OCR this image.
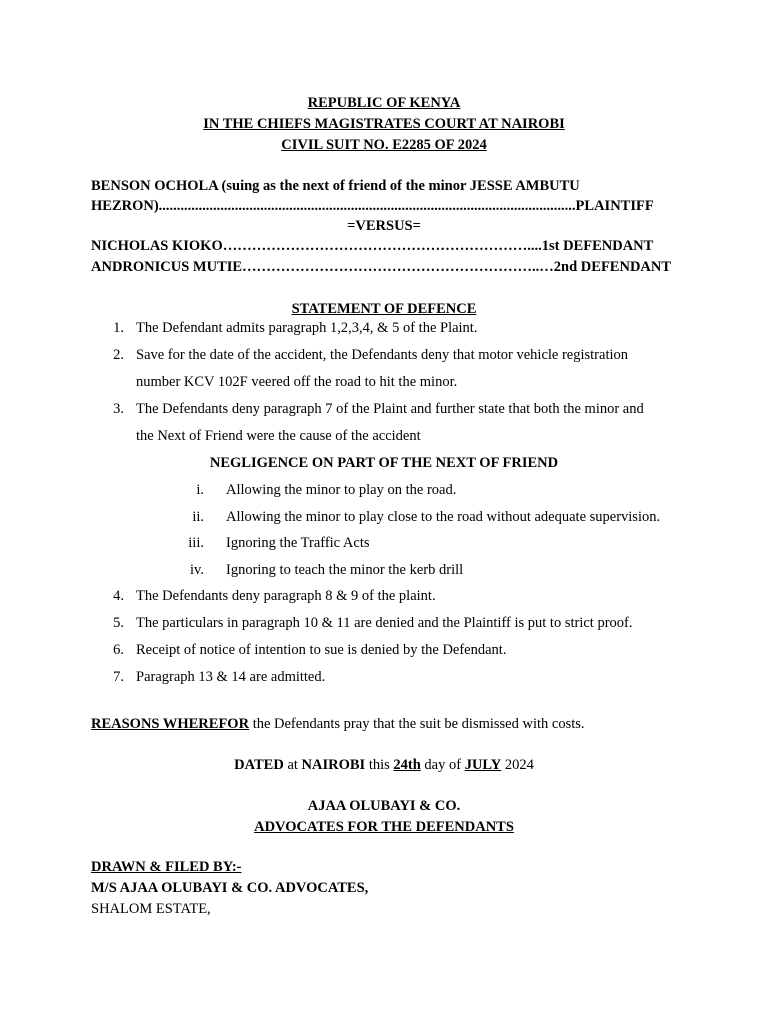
REPUBLIC OF KENYA
IN THE CHIEFS MAGISTRATES COURT AT NAIROBI
CIVIL SUIT NO. E2285 OF 2024
BENSON OCHOLA (suing as the next of friend of the minor JESSE AMBUTU
HEZRON)...................................................................................................................PLAINTIFF
=VERSUS=
NICHOLAS KIOKO………………………………………………………....1st DEFENDANT
ANDRONICUS MUTIE……………………………………………………..…2nd DEFENDANT
STATEMENT OF DEFENCE
1. The Defendant admits paragraph 1,2,3,4, & 5 of the Plaint.
2. Save for the date of the accident, the Defendants deny that motor vehicle registration
number KCV 102F veered off the road to hit the minor.
3. The Defendants deny paragraph 7 of the Plaint and further state that both the minor and
the Next of Friend were the cause of the accident
NEGLIGENCE ON PART OF THE NEXT OF FRIEND
i. Allowing the minor to play on the road.
ii. Allowing the minor to play close to the road without adequate supervision.
iii. Ignoring the Traffic Acts
iv. Ignoring to teach the minor the kerb drill
4. The Defendants deny paragraph 8 & 9 of the plaint.
5. The particulars in paragraph 10 & 11 are denied and the Plaintiff is put to strict proof.
6. Receipt of notice of intention to sue is denied by the Defendant.
7. Paragraph 13 & 14 are admitted.
REASONS WHEREFOR the Defendants pray that the suit be dismissed with costs.
DATED at NAIROBI this 24th day of JULY 2024
AJAA OLUBAYI & CO.
ADVOCATES FOR THE DEFENDANTS
DRAWN & FILED BY:-
M/S AJAA OLUBAYI & CO. ADVOCATES,
SHALOM ESTATE,
